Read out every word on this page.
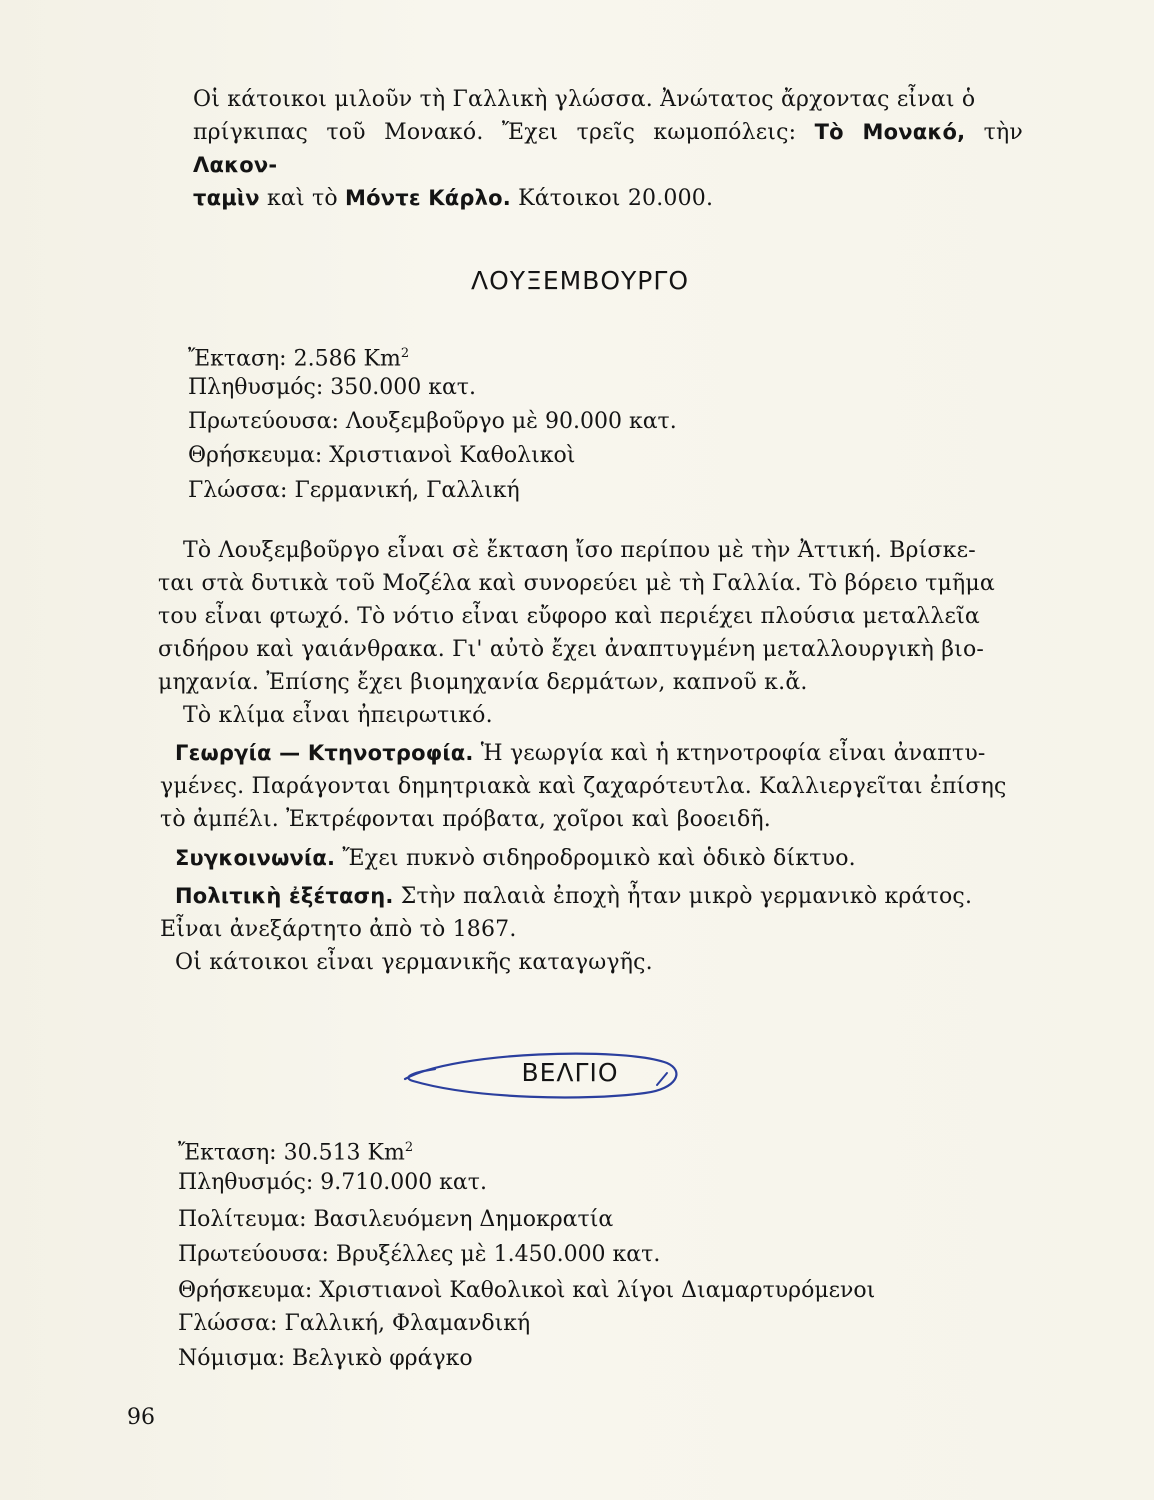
Οἱ κάτοικοι μιλοῦν τὴ Γαλλικὴ γλώσσα. Ἀνώτατος ἄρχοντας εἶναι ὁ
πρίγκιπας τοῦ Μονακό. Ἔχει τρεῖς κωμοπόλεις: Τὸ Μονακό, τὴν Λακον-
ταμὶν καὶ τὸ Μόντε Κάρλο. Κάτοικοι 20.000.
ΛΟΥΞΕΜΒΟΥΡΓΟ
Ἔκταση : 2.586 Km$^2$
Πληθυσμός : 350.000 κατ.
Πρωτεύουσα : Λουξεμβοῦργο μὲ 90.000 κατ.
Θρήσκευμα : Χριστιανοὶ Καθολικοὶ
Γλώσσα : Γερμανική, Γαλλική
Τὸ Λουξεμβοῦργο εἶναι σὲ ἔκταση ἴσο περίπου μὲ τὴν Ἀττική. Βρίσκε-
ται στὰ δυτικὰ τοῦ Μοζέλα καὶ συνορεύει μὲ τὴ Γαλλία. Τὸ βόρειο τμῆμα
του εἶναι φτωχό. Τὸ νότιο εἶναι εὔφορο καὶ περιέχει πλούσια μεταλλεῖα
σιδήρου καὶ γαιάνθρακα. Γι' αὐτὸ ἔχει ἀναπτυγμένη μεταλλουργικὴ βιο-
μηχανία. Ἐπίσης ἔχει βιομηχανία δερμάτων, καπνοῦ κ.ἄ.
Τὸ κλίμα εἶναι ἠπειρωτικό.
Γεωργία — Κτηνοτροφία. Ἡ γεωργία καὶ ἡ κτηνοτροφία εἶναι ἀναπτυ-
γμένες. Παράγονται δημητριακὰ καὶ ζαχαρότευτλα. Καλλιεργεῖται ἐπίσης
τὸ ἀμπέλι. Ἐκτρέφονται πρόβατα, χοῖροι καὶ βοοειδῆ.
Συγκοινωνία. Ἔχει πυκνὸ σιδηροδρομικὸ καὶ ὁδικὸ δίκτυο.
Πολιτικὴ ἐξέταση. Στὴν παλαιὰ ἐποχὴ ἦταν μικρὸ γερμανικὸ κράτος.
Εἶναι ἀνεξάρτητο ἀπὸ τὸ 1867.
Οἱ κάτοικοι εἶναι γερμανικῆς καταγωγῆς.
ΒΕΛΓΙΟ
Ἔκταση : 30.513 Km$^2$
Πληθυσμός : 9.710.000 κατ.
Πολίτευμα : Βασιλευόμενη Δημοκρατία
Πρωτεύουσα : Βρυξέλλες μὲ 1.450.000 κατ.
Θρήσκευμα : Χριστιανοὶ Καθολικοὶ καὶ λίγοι Διαμαρτυρόμενοι
Γλώσσα : Γαλλική, Φλαμανδική
Νόμισμα : Βελγικὸ φράγκο
96
